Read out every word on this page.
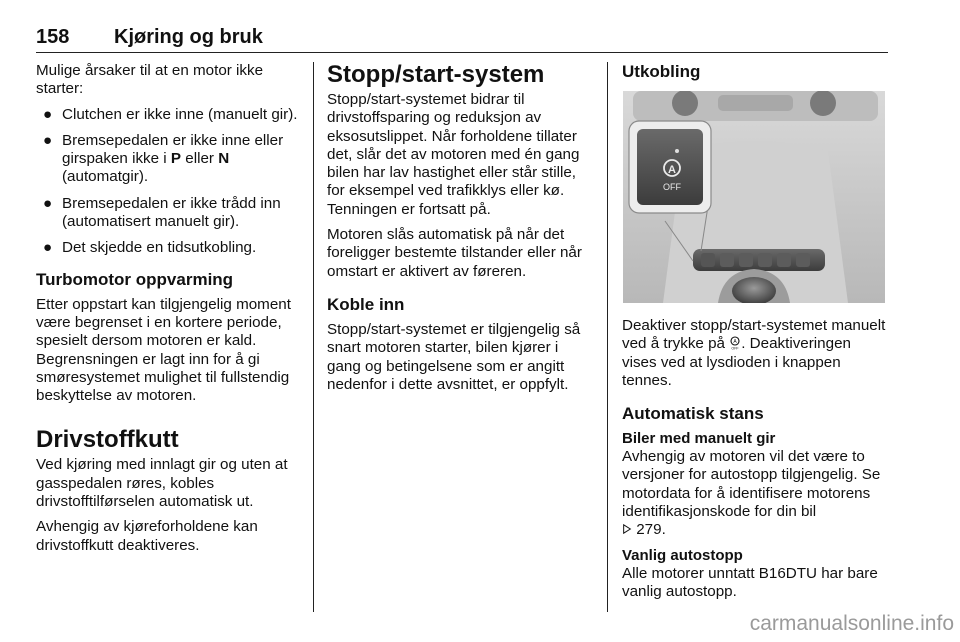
158 Kjøring og bruk

Mulige årsaker til at en motor ikke starter:

● Clutchen er ikke inne (manuelt gir).
● Bremsepedalen er ikke inne eller girspaken ikke i P eller N (automatgir).
● Bremsepedalen er ikke trådd inn (automatisert manuelt gir).
● Det skjedde en tidsutkobling.
Turbomotor oppvarming

Etter oppstart kan tilgjengelig moment være begrenset i en kortere periode, spesielt dersom motoren er kald. Begrensningen er lagt inn for å gi smøresystemet mulighet til fullstendig beskyttelse av motoren.

Drivstoffkutt

Ved kjøring med innlagt gir og uten at gasspedalen røres, kobles drivstofftilførselen automatisk ut.

Avhengig av kjøreforholdene kan drivstoffkutt deaktiveres.

Stopp/start-system

Stopp/start-systemet bidrar til drivstoffsparing og reduksjon av eksosutslippet. Når forholdene tillater det, slår det av motoren med én gang bilen har lav hastighet eller står stille, for eksempel ved trafikklys eller kø. Tenningen er fortsatt på.

Motoren slås automatisk på når det foreligger bestemte tilstander eller når omstart er aktivert av føreren.

Koble inn

Stopp/start-systemet er tilgjengelig så snart motoren starter, bilen kjører i gang og betingelsene som er angitt nedenfor i dette avsnittet, er oppfylt.

Utkobling
A
OFF

Deaktiver stopp/start-systemet manuelt ved å trykke på A
OFF . Deaktiveringen vises ved at lysdioden i knappen tennes.

Automatisk stans
Biler med manuelt gir

Avhengig av motoren vil det være to versjoner for autostopp tilgjengelig. Se motordata for å identifisere motorens identifikasjonskode for din bil
279.

Vanlig autostopp

Alle motorer unntatt B16DTU har bare vanlig autostopp.

carmanualsonline.info
